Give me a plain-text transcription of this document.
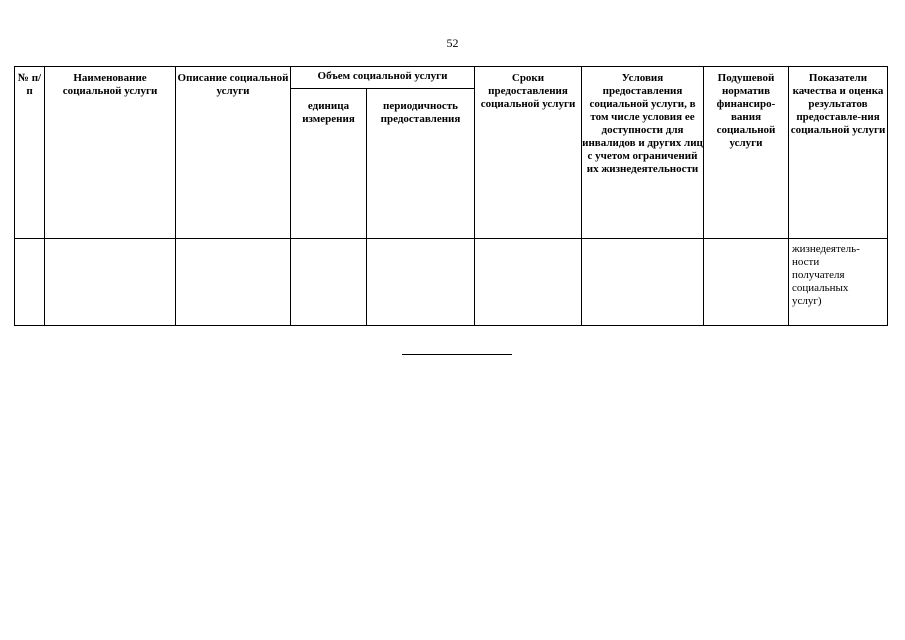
52
№ п/п	Наименование социальной услуги	Описание социальной услуги	Объем социальной услуги		Сроки предоставления социальной услуги	Условия предоставления социальной услуги, в том числе условия ее доступности для инвалидов и других лиц с учетом ограничений их жизнедеятельности	Подушевой норматив финансиро-вания социальной услуги	Показатели качества и оценка результатов предоставле-ния социальной услуги
			единица измерения	периодичность предоставления				

								жизнедеятель-
ности
получателя
социальных
услуг)
